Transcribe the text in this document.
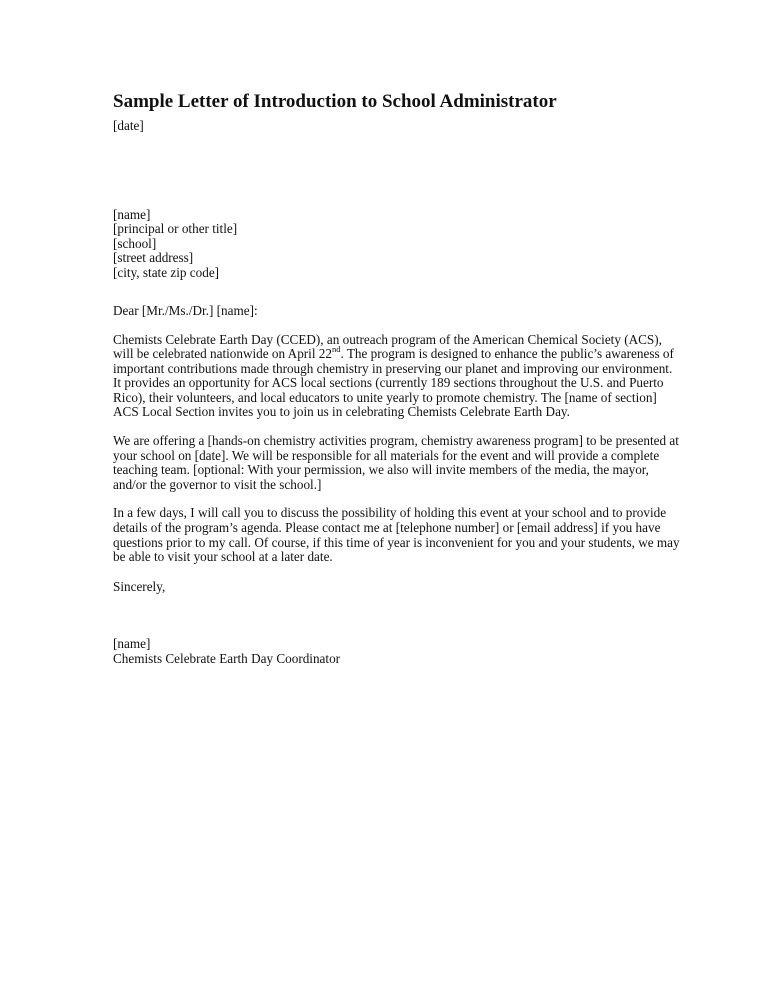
Sample Letter of Introduction to School Administrator
[date]
[name]
[principal or other title]
[school]
[street address]
[city, state zip code]
Dear [Mr./Ms./Dr.] [name]:
Chemists Celebrate Earth Day (CCED), an outreach program of the American Chemical Society (ACS),
will be celebrated nationwide on April 22nd. The program is designed to enhance the public’s awareness of
important contributions made through chemistry in preserving our planet and improving our environment.
It provides an opportunity for ACS local sections (currently 189 sections throughout the U.S. and Puerto
Rico), their volunteers, and local educators to unite yearly to promote chemistry. The [name of section]
ACS Local Section invites you to join us in celebrating Chemists Celebrate Earth Day.
We are offering a [hands-on chemistry activities program, chemistry awareness program] to be presented at
your school on [date]. We will be responsible for all materials for the event and will provide a complete
teaching team. [optional: With your permission, we also will invite members of the media, the mayor,
and/or the governor to visit the school.]
In a few days, I will call you to discuss the possibility of holding this event at your school and to provide
details of the program’s agenda. Please contact me at [telephone number] or [email address] if you have
questions prior to my call. Of course, if this time of year is inconvenient for you and your students, we may
be able to visit your school at a later date.
Sincerely,
[name]
Chemists Celebrate Earth Day Coordinator
